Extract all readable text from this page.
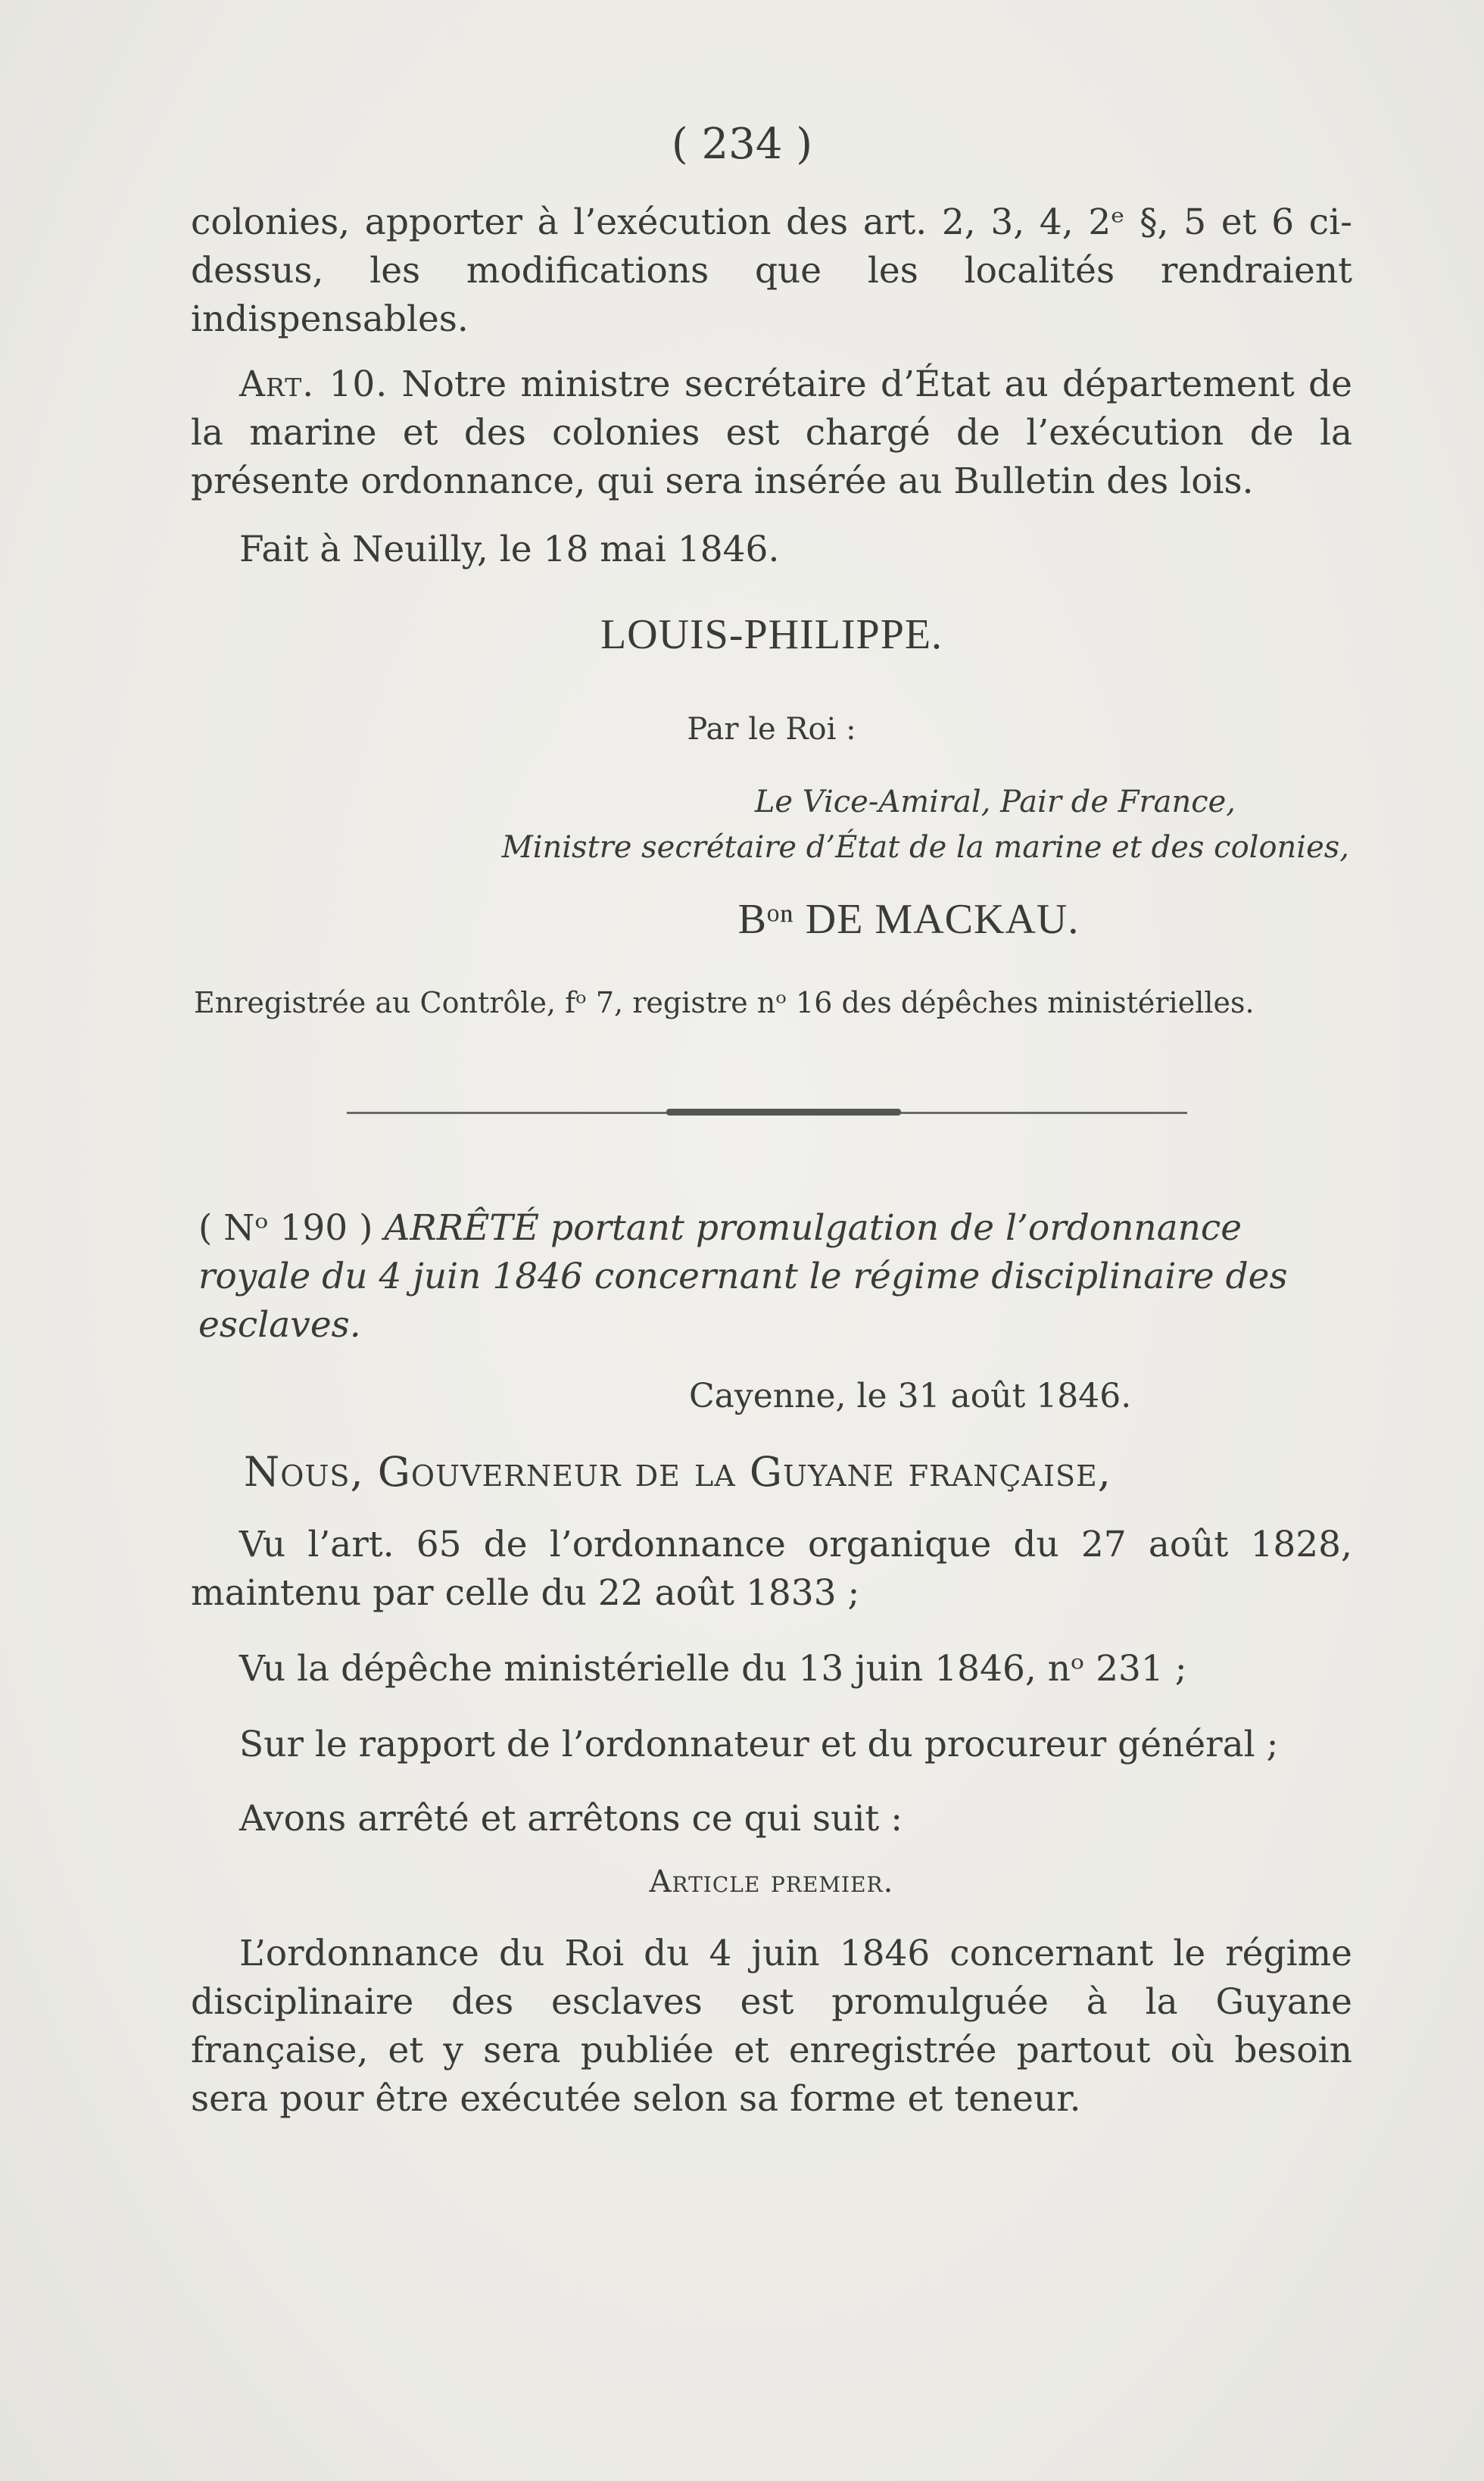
( 234 )

colonies, apporter à l’exécution des art. 2, 3, 4, 2ᵉ §, 5 et 6 ci-dessus, les modifications que les localités rendraient indispensables.

Art. 10. Notre ministre secrétaire d’État au département de la marine et des colonies est chargé de l’exécution de la présente ordonnance, qui sera insérée au Bulletin des lois.

Fait à Neuilly, le 18 mai 1846.

LOUIS-PHILIPPE.
Par le Roi :
Le Vice-Amiral, Pair de France,
Ministre secrétaire d’État de la marine et des colonies,
Bᵒⁿ DE MACKAU.
Enregistrée au Contrôle, fᵒ 7, registre nᵒ 16 des dépêches ministérielles.
( Nᵒ 190 ) ARRÊTÉ portant promulgation de l’ordonnance royale du 4 juin 1846 concernant le régime disciplinaire des esclaves.
Cayenne, le 31 août 1846.
Nous, Gouverneur de la Guyane française,

Vu l’art. 65 de l’ordonnance organique du 27 août 1828, maintenu par celle du 22 août 1833 ;

Vu la dépêche ministérielle du 13 juin 1846, nᵒ 231 ;

Sur le rapport de l’ordonnateur et du procureur général ;

Avons arrêté et arrêtons ce qui suit :

Article premier.

L’ordonnance du Roi du 4 juin 1846 concernant le régime disciplinaire des esclaves est promulguée à la Guyane française, et y sera publiée et enregistrée partout où besoin sera pour être exécutée selon sa forme et teneur.
